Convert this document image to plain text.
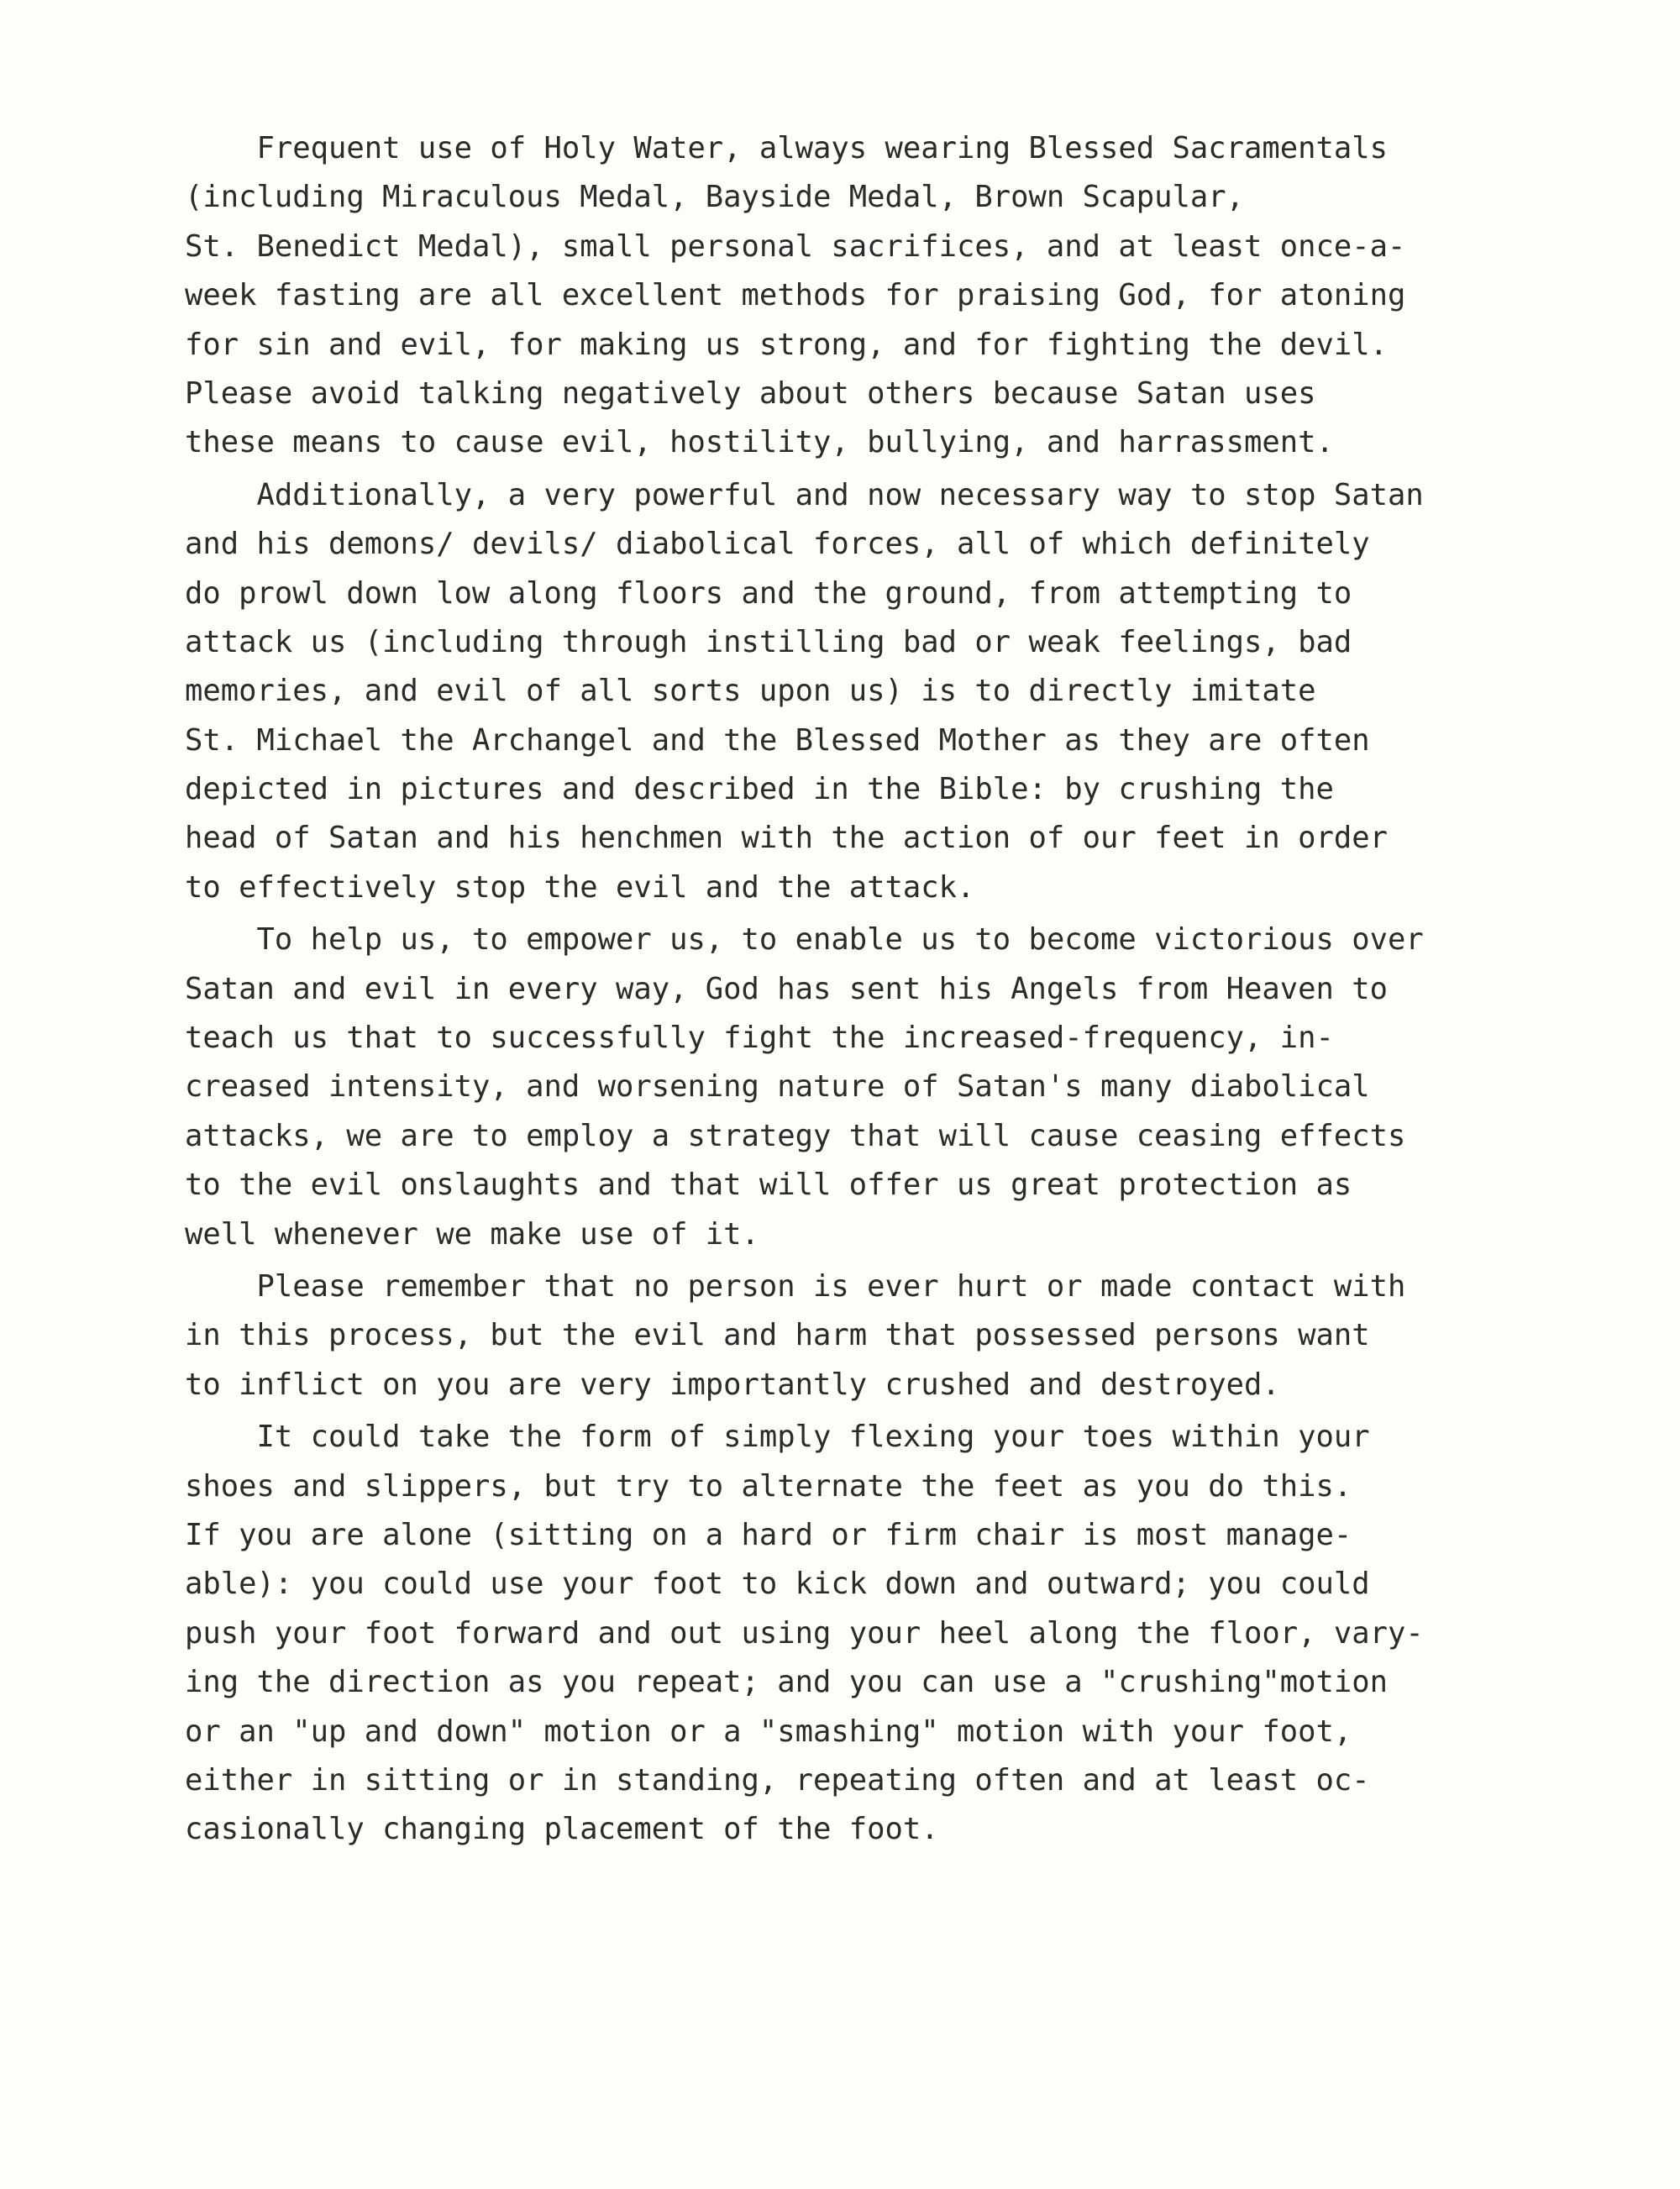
Frequent use of Holy Water, always wearing Blessed Sacramentals
(including Miraculous Medal, Bayside Medal, Brown Scapular,
St. Benedict Medal), small personal sacrifices, and at least once-a-
week fasting are all excellent methods for praising God, for atoning
for sin and evil, for making us strong, and for fighting the devil.
Please avoid talking negatively about others because Satan uses
these means to cause evil, hostility, bullying, and harrassment.
Additionally, a very powerful and now necessary way to stop Satan
and his demons/ devils/ diabolical forces, all of which definitely
do prowl down low along floors and the ground, from attempting to
attack us (including through instilling bad or weak feelings, bad
memories, and evil of all sorts upon us) is to directly imitate
St. Michael the Archangel and the Blessed Mother as they are often
depicted in pictures and described in the Bible: by crushing the
head of Satan and his henchmen with the action of our feet in order
to effectively stop the evil and the attack.
To help us, to empower us, to enable us to become victorious over
Satan and evil in every way, God has sent his Angels from Heaven to
teach us that to successfully fight the increased-frequency, in-
creased intensity, and worsening nature of Satan's many diabolical
attacks, we are to employ a strategy that will cause ceasing effects
to the evil onslaughts and that will offer us great protection as
well whenever we make use of it.
Please remember that no person is ever hurt or made contact with
in this process, but the evil and harm that possessed persons want
to inflict on you are very importantly crushed and destroyed.
It could take the form of simply flexing your toes within your
shoes and slippers, but try to alternate the feet as you do this.
If you are alone (sitting on a hard or firm chair is most manage-
able): you could use your foot to kick down and outward; you could
push your foot forward and out using your heel along the floor, vary-
ing the direction as you repeat; and you can use a "crushing"motion
or an "up and down" motion or a "smashing" motion with your foot,
either in sitting or in standing, repeating often and at least oc-
casionally changing placement of the foot.
